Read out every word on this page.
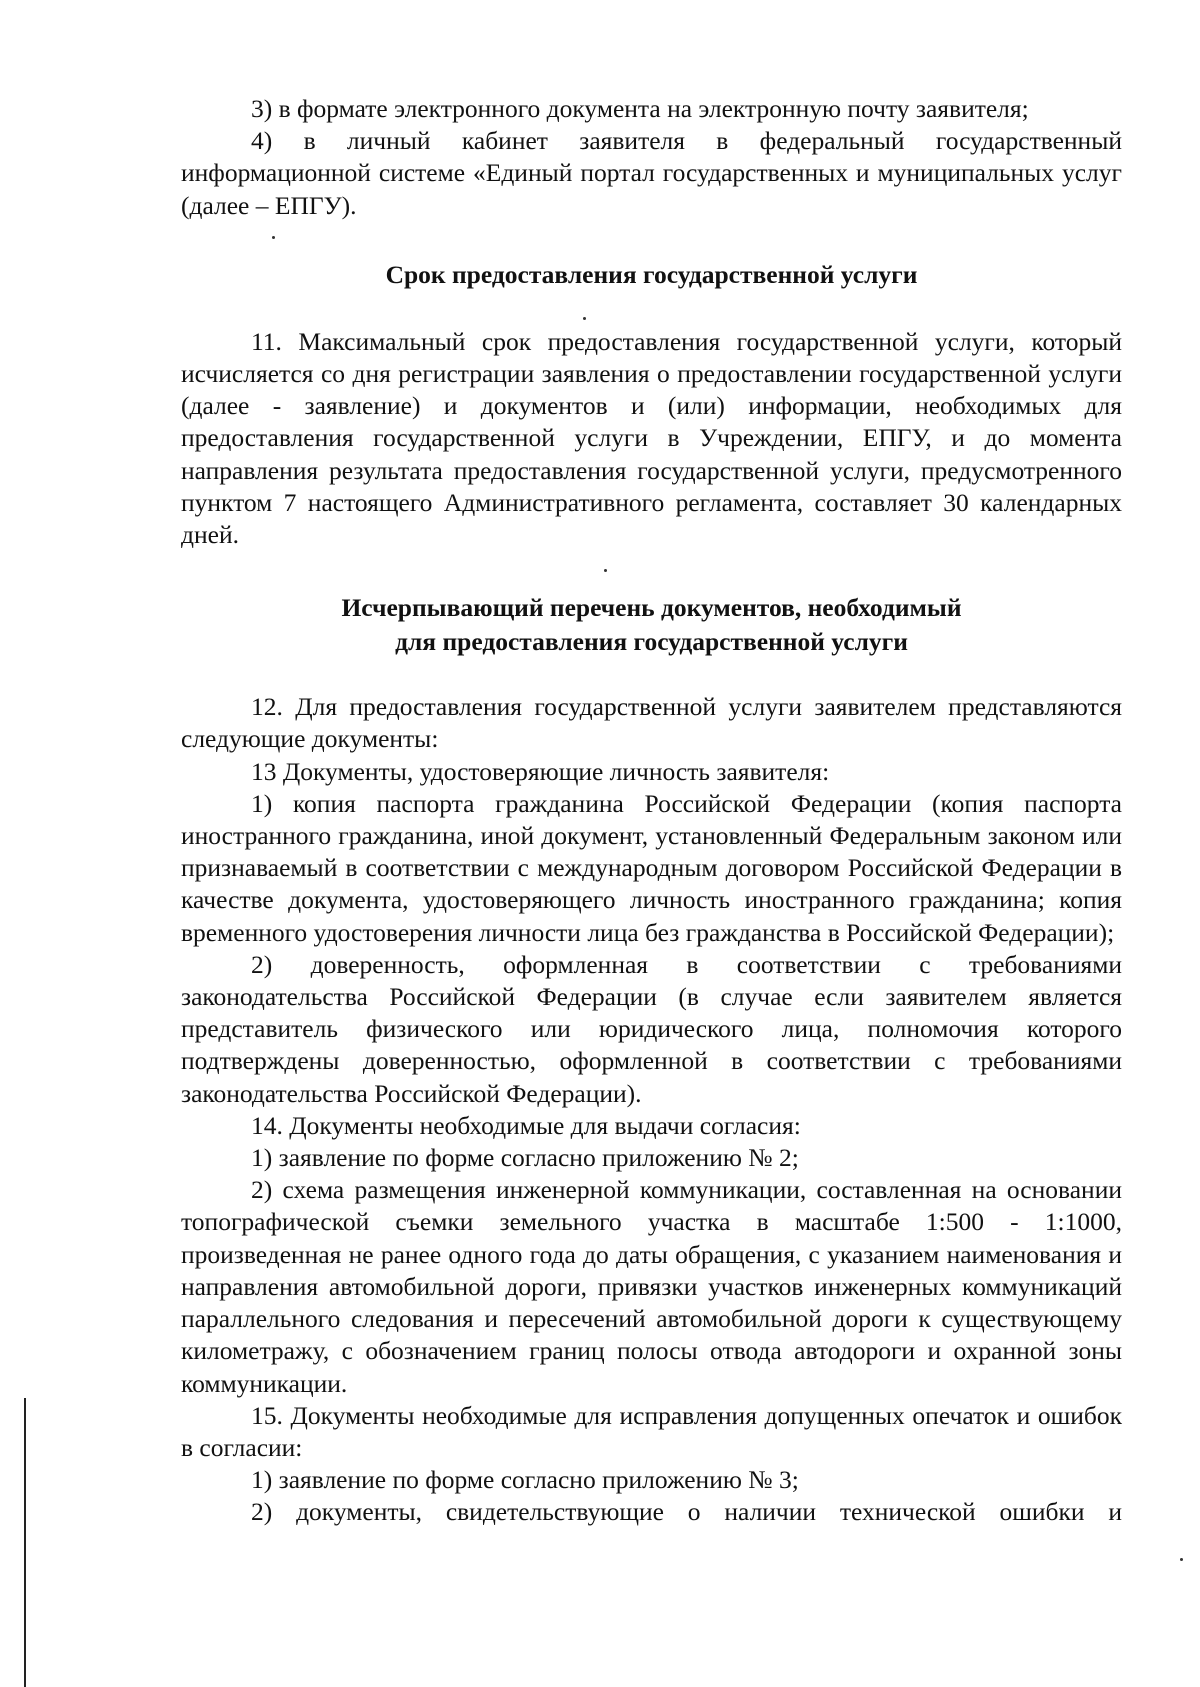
3) в формате электронного документа на электронную почту заявителя;

4) в личный кабинет заявителя в федеральный государственный информационной системе «Единый портал государственных и муниципальных услуг (далее – ЕПГУ).

Срок предоставления государственной услуги

11. Максимальный срок предоставления государственной услуги, который исчисляется со дня регистрации заявления о предоставлении государственной услуги (далее - заявление) и документов и (или) информации, необходимых для предоставления государственной услуги в Учреждении, ЕПГУ, и до момента направления результата предоставления государственной услуги, предусмотренного пунктом 7 настоящего Административного регламента, составляет 30 календарных дней.

Исчерпывающий перечень документов, необходимый
для предоставления государственной услуги

12. Для предоставления государственной услуги заявителем представляются следующие документы:

13 Документы, удостоверяющие личность заявителя:

1) копия паспорта гражданина Российской Федерации (копия паспорта иностранного гражданина, иной документ, установленный Федеральным законом или признаваемый в соответствии с международным договором Российской Федерации в качестве документа, удостоверяющего личность иностранного гражданина; копия временного удостоверения личности лица без гражданства в Российской Федерации);

2) доверенность, оформленная в соответствии с требованиями законодательства Российской Федерации (в случае если заявителем является представитель физического или юридического лица, полномочия которого подтверждены доверенностью, оформленной в соответствии с требованиями законодательства Российской Федерации).

14. Документы необходимые для выдачи согласия:

1) заявление по форме согласно приложению № 2;

2) схема размещения инженерной коммуникации, составленная на основании топографической съемки земельного участка в масштабе 1:500 - 1:1000, произведенная не ранее одного года до даты обращения, с указанием наименования и направления автомобильной дороги, привязки участков инженерных коммуникаций параллельного следования и пересечений автомобильной дороги к существующему километражу, с обозначением границ полосы отвода автодороги и охранной зоны коммуникации.

15. Документы необходимые для исправления допущенных опечаток и ошибок в согласии:

1) заявление по форме согласно приложению № 3;

2) документы, свидетельствующие о наличии технической ошибки и
